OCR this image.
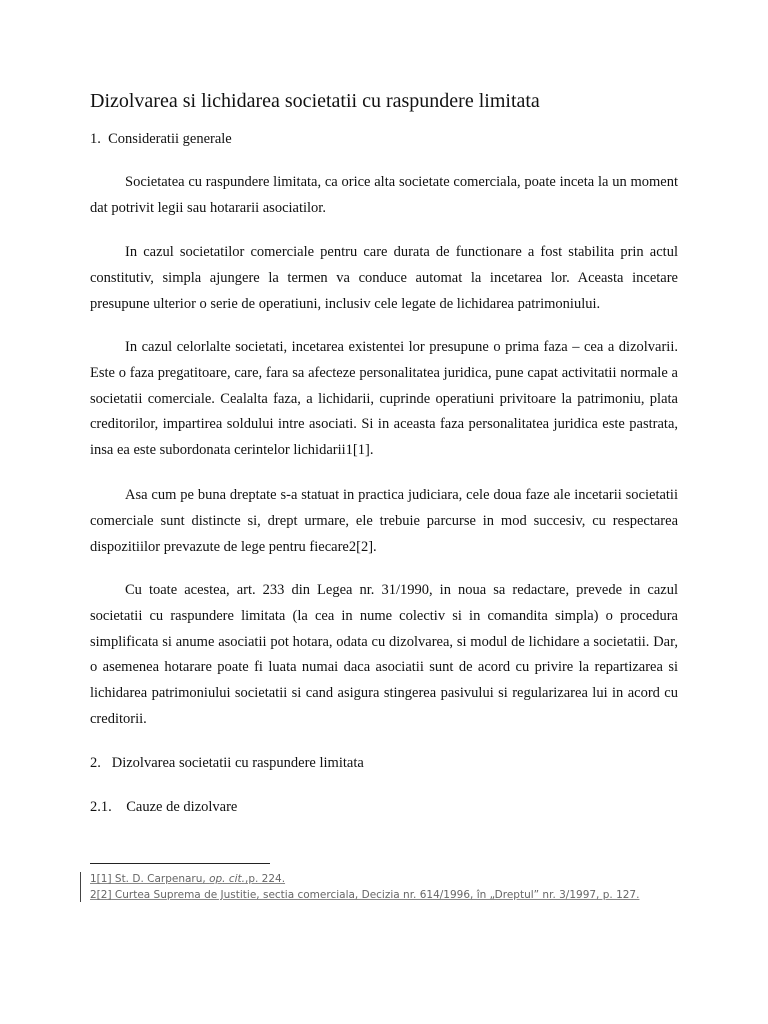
Dizolvarea si lichidarea societatii cu raspundere limitata
1. Consideratii generale
Societatea cu raspundere limitata, ca orice alta societate comerciala, poate inceta la un moment dat potrivit legii sau hotararii asociatilor.
In cazul societatilor comerciale pentru care durata de functionare a fost stabilita prin actul constitutiv, simpla ajungere la termen va conduce automat la incetarea lor. Aceasta incetare presupune ulterior o serie de operatiuni, inclusiv cele legate de lichidarea patrimoniului.
In cazul celorlalte societati, incetarea existentei lor presupune o prima faza – cea a dizolvarii. Este o faza pregatitoare, care, fara sa afecteze personalitatea juridica, pune capat activitatii normale a societatii comerciale. Cealalta faza, a lichidarii, cuprinde operatiuni privitoare la patrimoniu, plata creditorilor, impartirea soldului intre asociati. Si in aceasta faza personalitatea juridica este pastrata, insa ea este subordonata cerintelor lichidarii1[1].
Asa cum pe buna dreptate s-a statuat in practica judiciara, cele doua faze ale incetarii societatii comerciale sunt distincte si, drept urmare, ele trebuie parcurse in mod succesiv, cu respectarea dispozitiilor prevazute de lege pentru fiecare2[2].
Cu toate acestea, art. 233 din Legea nr. 31/1990, in noua sa redactare, prevede in cazul societatii cu raspundere limitata (la cea in nume colectiv si in comandita simpla) o procedura simplificata si anume asociatii pot hotara, odata cu dizolvarea, si modul de lichidare a societatii. Dar, o asemenea hotarare poate fi luata numai daca asociatii sunt de acord cu privire la repartizarea si lichidarea patrimoniului societatii si cand asigura stingerea pasivului si regularizarea lui in acord cu creditorii.
2. Dizolvarea societatii cu raspundere limitata
2.1. Cauze de dizolvare
1[1] St. D. Carpenaru, op. cit.,p. 224.
2[2] Curtea Suprema de Justitie, sectia comerciala, Decizia nr. 614/1996, în „Dreptul” nr. 3/1997, p. 127.
